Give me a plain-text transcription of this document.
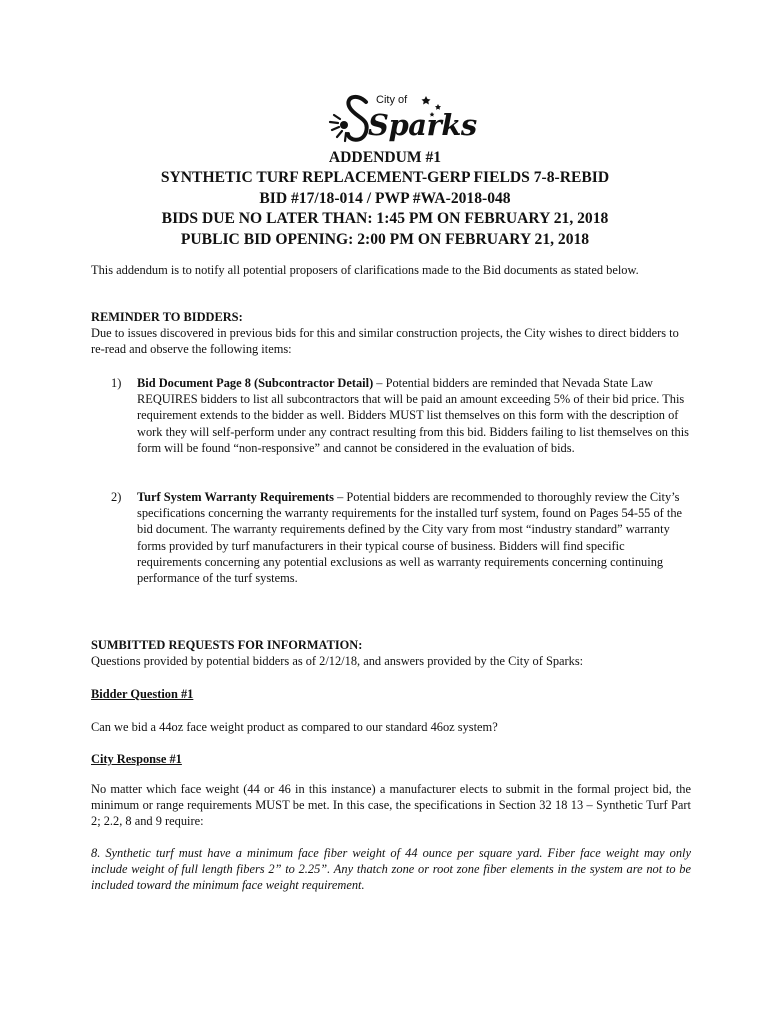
City of
Sparks
ADDENDUM #1
SYNTHETIC TURF REPLACEMENT-GERP FIELDS 7-8-REBID
BID #17/18-014 / PWP #WA-2018-048
BIDS DUE NO LATER THAN: 1:45 PM ON FEBRUARY 21, 2018
PUBLIC BID OPENING: 2:00 PM ON FEBRUARY 21, 2018
This addendum is to notify all potential proposers of clarifications made to the Bid documents as stated below.
REMINDER TO BIDDERS:
Due to issues discovered in previous bids for this and similar construction projects, the City wishes to direct bidders to re-read and observe the following items:
1) Bid Document Page 8 (Subcontractor Detail) – Potential bidders are reminded that Nevada State Law REQUIRES bidders to list all subcontractors that will be paid an amount exceeding 5% of their bid price. This requirement extends to the bidder as well. Bidders MUST list themselves on this form with the description of work they will self-perform under any contract resulting from this bid. Bidders failing to list themselves on this form will be found “non-responsive” and cannot be considered in the evaluation of bids.
2) Turf System Warranty Requirements – Potential bidders are recommended to thoroughly review the City’s specifications concerning the warranty requirements for the installed turf system, found on Pages 54-55 of the bid document. The warranty requirements defined by the City vary from most “industry standard” warranty forms provided by turf manufacturers in their typical course of business. Bidders will find specific requirements concerning any potential exclusions as well as warranty requirements concerning continuing performance of the turf systems.
SUMBITTED REQUESTS FOR INFORMATION:
Questions provided by potential bidders as of 2/12/18, and answers provided by the City of Sparks:
Bidder Question #1
Can we bid a 44oz face weight product as compared to our standard 46oz system?
City Response #1
No matter which face weight (44 or 46 in this instance) a manufacturer elects to submit in the formal project bid, the minimum or range requirements MUST be met. In this case, the specifications in Section 32 18 13 – Synthetic Turf Part 2; 2.2, 8 and 9 require:
8. Synthetic turf must have a minimum face fiber weight of 44 ounce per square yard. Fiber face weight may only include weight of full length fibers 2” to 2.25”. Any thatch zone or root zone fiber elements in the system are not to be included toward the minimum face weight requirement.
